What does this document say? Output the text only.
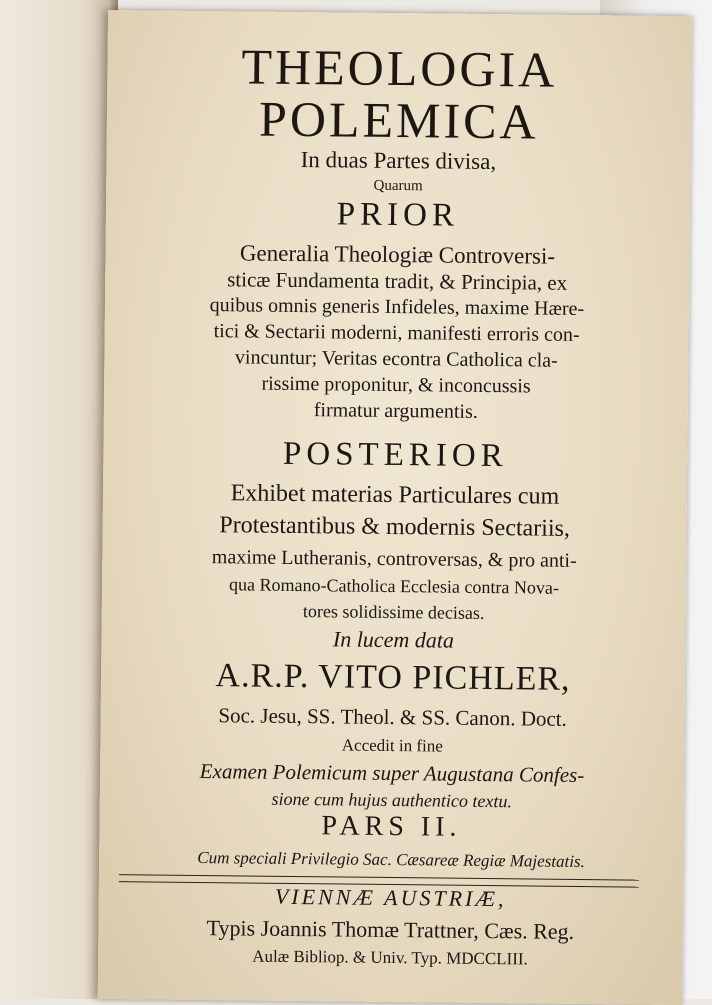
THEOLOGIA
POLEMICA
In duas Partes divisa,
Quarum
PRIOR
Generalia Theologiæ Controversi-
sticæ Fundamenta tradit, & Principia, ex
quibus omnis generis Infideles, maxime Hære-
tici & Sectarii moderni, manifesti erroris con-
vincuntur; Veritas econtra Catholica cla-
rissime proponitur, & inconcussis
firmatur argumentis.
POSTERIOR
Exhibet materias Particulares cum
Protestantibus & modernis Sectariis,
maxime Lutheranis, controversas, & pro anti-
qua Romano-Catholica Ecclesia contra Nova-
tores solidissime decisas.
In lucem data
A.R.P. VITO PICHLER,
Soc. Jesu, SS. Theol. & SS. Canon. Doct.
Accedit in fine
Examen Polemicum super Augustana Confes-
sione cum hujus authentico textu.
PARS II.
Cum speciali Privilegio Sac. Cæsareæ Regiæ Majestatis.
VIENNÆ AUSTRIÆ,
Typis Joannis Thomæ Trattner, Cæs. Reg.
Aulæ Bibliop. & Univ. Typ. MDCCLIII.
